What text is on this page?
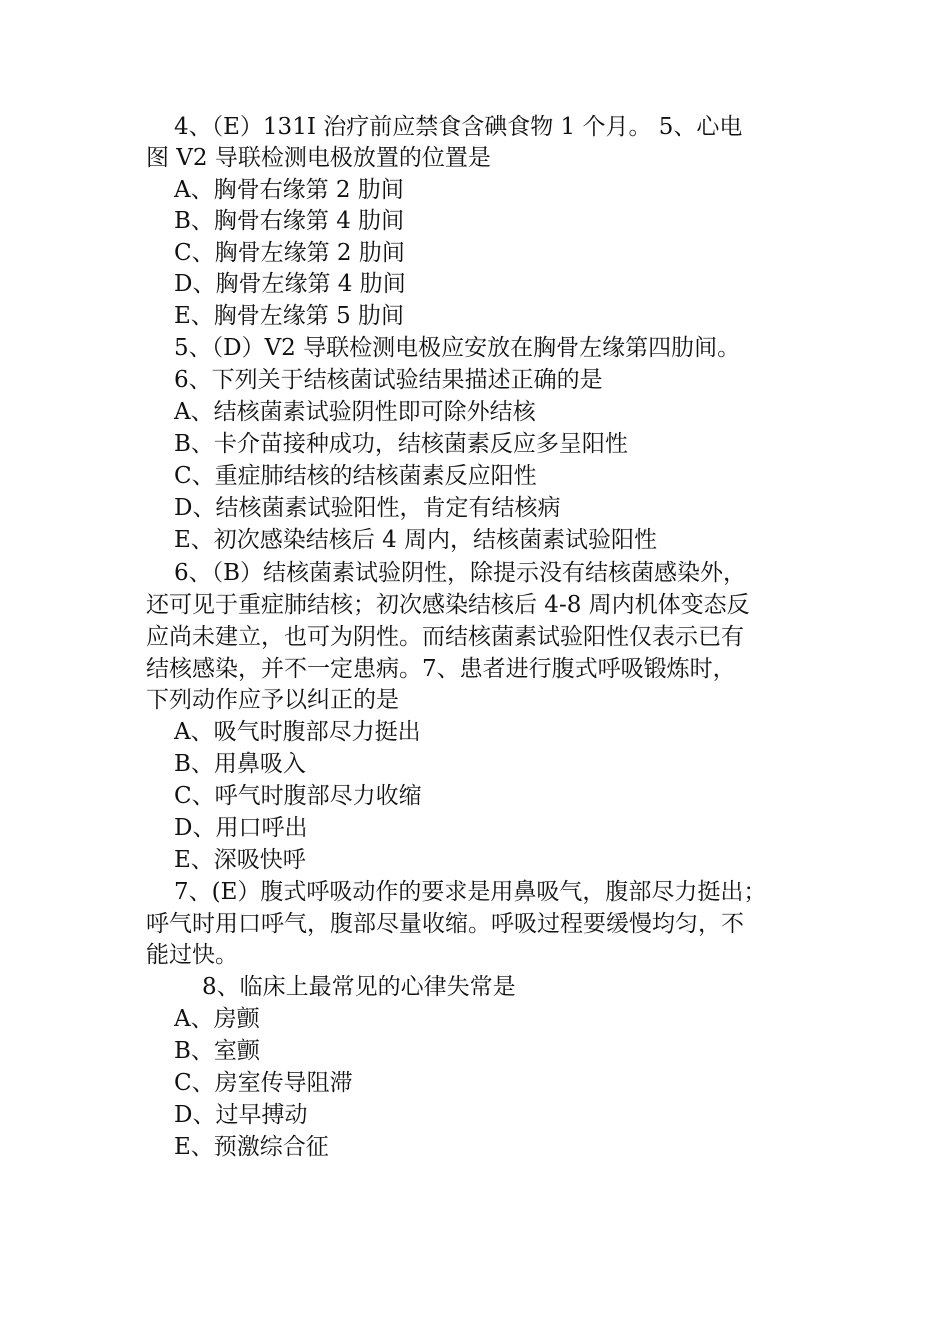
4、（E）131I 治疗前应禁食含碘食物 1 个月。 5、心电
图 V2 导联检测电极放置的位置是
A、胸骨右缘第 2 肋间
B、胸骨右缘第 4 肋间
C、胸骨左缘第 2 肋间
D、胸骨左缘第 4 肋间
E、胸骨左缘第 5 肋间
5、（D）V2 导联检测电极应安放在胸骨左缘第四肋间。
6、下列关于结核菌试验结果描述正确的是
A、结核菌素试验阴性即可除外结核
B、卡介苗接种成功，结核菌素反应多呈阳性
C、重症肺结核的结核菌素反应阳性
D、结核菌素试验阳性，肯定有结核病
E、初次感染结核后 4 周内，结核菌素试验阳性
6、（B）结核菌素试验阴性，除提示没有结核菌感染外，
还可见于重症肺结核；初次感染结核后 4-8 周内机体变态反
应尚未建立，也可为阴性。而结核菌素试验阳性仅表示已有
结核感染，并不一定患病。7、患者进行腹式呼吸锻炼时，
下列动作应予以纠正的是
A、吸气时腹部尽力挺出
B、用鼻吸入
C、呼气时腹部尽力收缩
D、用口呼出
E、深吸快呼
7、(E）腹式呼吸动作的要求是用鼻吸气，腹部尽力挺出；
呼气时用口呼气，腹部尽量收缩。呼吸过程要缓慢均匀，不
能过快。
8、临床上最常见的心律失常是
A、房颤
B、室颤
C、房室传导阻滞
D、过早搏动
E、预激综合征
